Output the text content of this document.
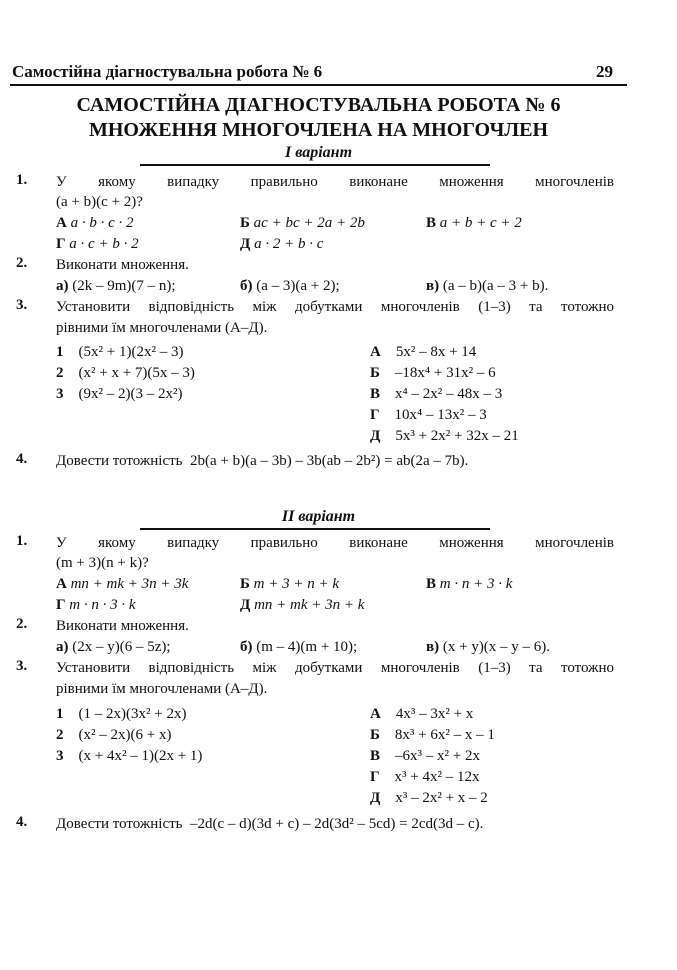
Самостійна діагностувальна робота № 6	29
САМОСТІЙНА ДІАГНОСТУВАЛЬНА РОБОТА № 6
МНОЖЕННЯ МНОГОЧЛЕНА НА МНОГОЧЛЕН
I варіант
1. У якому випадку правильно виконане множення многочленів
(a + b)(c + 2)?
А a · b · c · 2	Б ac + bc + 2a + 2b	В a + b + c + 2
Г a · c + b · 2	Д a · 2 + b · c
2. Виконати множення.
а) (2k – 9m)(7 – n);	б) (a – 3)(a + 2);	в) (a – b)(a – 3 + b).
3. Установити відповідність між добутками многочленів (1–3) та тотожно
рівними їм многочленами (А–Д).
1 (5x² + 1)(2x² – 3)
2 (x² + x + 7)(5x – 3)
3 (9x² – 2)(3 – 2x²)
А 5x² – 8x + 14
Б –18x⁴ + 31x² – 6
В x⁴ – 2x² – 48x – 3
Г 10x⁴ – 13x² – 3
Д 5x³ + 2x² + 32x – 21
4. Довести тотожність 2b(a + b)(a – 3b) – 3b(ab – 2b²) = ab(2a – 7b).
II варіант
1. У якому випадку правильно виконане множення многочленів
(m + 3)(n + k)?
А mn + mk + 3n + 3k	Б m + 3 + n + k	В m · n + 3 · k
Г m · n · 3 · k	Д mn + mk + 3n + k
2. Виконати множення.
а) (2x – y)(6 – 5z);	б) (m – 4)(m + 10);	в) (x + y)(x – y – 6).
3. Установити відповідність між добутками многочленів (1–3) та тотожно
рівними їм многочленами (А–Д).
1 (1 – 2x)(3x² + 2x)
2 (x² – 2x)(6 + x)
3 (x + 4x² – 1)(2x + 1)
А 4x³ – 3x² + x
Б 8x³ + 6x² – x – 1
В –6x³ – x² + 2x
Г x³ + 4x² – 12x
Д x³ – 2x² + x – 2
4. Довести тотожність –2d(c – d)(3d + c) – 2d(3d² – 5cd) = 2cd(3d – c).
